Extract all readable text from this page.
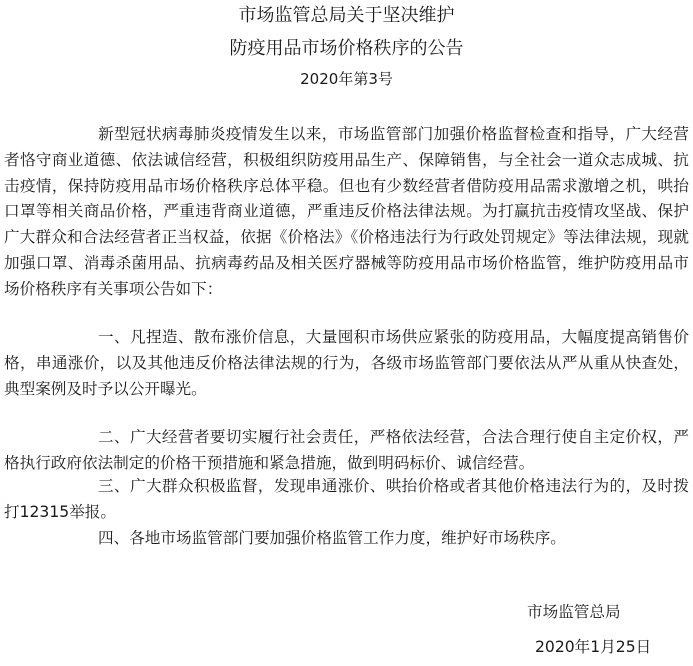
市场监管总局关于坚决维护
防疫用品市场价格秩序的公告
2020年第3号
新型冠状病毒肺炎疫情发生以来，市场监管部门加强价格监督检查和指导，广大经营者恪守商业道德、依法诚信经营，积极组织防疫用品生产、保障销售，与全社会一道众志成城、抗击疫情，保持防疫用品市场价格秩序总体平稳。但也有少数经营者借防疫用品需求激增之机，哄抬口罩等相关商品价格，严重违背商业道德，严重违反价格法律法规。为打赢抗击疫情攻坚战、保护广大群众和合法经营者正当权益，依据《价格法》《价格违法行为行政处罚规定》等法律法规，现就加强口罩、消毒杀菌用品、抗病毒药品及相关医疗器械等防疫用品市场价格监管，维护防疫用品市场价格秩序有关事项公告如下：
一、凡捏造、散布涨价信息，大量囤积市场供应紧张的防疫用品，大幅度提高销售价格，串通涨价，以及其他违反价格法律法规的行为，各级市场监管部门要依法从严从重从快查处，典型案例及时予以公开曝光。
二、广大经营者要切实履行社会责任，严格依法经营，合法合理行使自主定价权，严格执行政府依法制定的价格干预措施和紧急措施，做到明码标价、诚信经营。
三、广大群众积极监督，发现串通涨价、哄抬价格或者其他价格违法行为的，及时拨打12315举报。
四、各地市场监管部门要加强价格监管工作力度，维护好市场秩序。
市场监管总局
2020年1月25日
